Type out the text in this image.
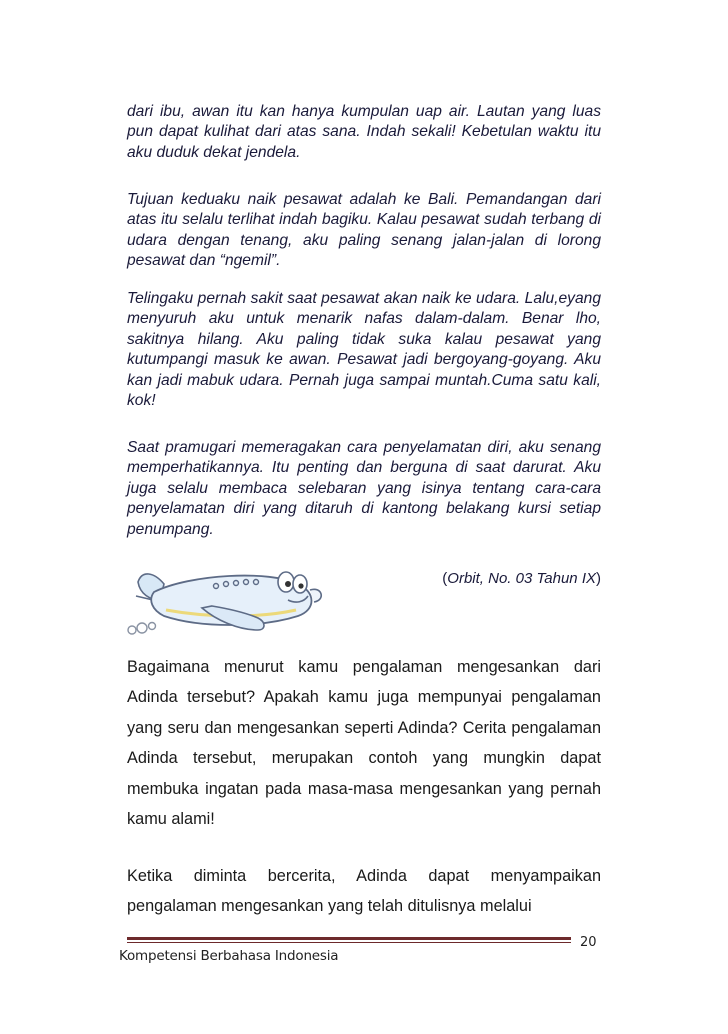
dari ibu, awan itu kan hanya kumpulan uap air. Lautan yang luas pun dapat kulihat dari atas sana. Indah sekali! Kebetulan waktu itu aku duduk dekat jendela.

Tujuan keduaku naik pesawat adalah ke Bali. Pemandangan dari atas itu selalu terlihat indah bagiku. Kalau pesawat sudah terbang di udara dengan tenang, aku paling senang jalan-jalan di lorong pesawat dan “ngemil”.

Telingaku pernah sakit saat pesawat akan naik ke udara. Lalu,eyang menyuruh aku untuk menarik nafas dalam-dalam. Benar lho, sakitnya hilang. Aku paling tidak suka kalau pesawat yang kutumpangi masuk ke awan. Pesawat jadi bergoyang-goyang. Aku kan jadi mabuk udara. Pernah juga sampai muntah.Cuma satu kali, kok!

Saat pramugari memeragakan cara penyelamatan diri, aku senang memperhatikannya. Itu penting dan berguna di saat darurat. Aku juga selalu membaca selebaran yang isinya tentang cara-cara penyelamatan diri yang ditaruh di kantong belakang kursi setiap penumpang.

(Orbit, No. 03 Tahun IX)

Bagaimana menurut kamu pengalaman mengesankan dari Adinda tersebut? Apakah kamu juga mempunyai pengalaman yang seru dan mengesankan seperti Adinda? Cerita pengalaman Adinda tersebut, merupakan contoh yang mungkin dapat membuka ingatan pada masa-masa mengesankan yang pernah kamu alami!

Ketika diminta bercerita, Adinda dapat menyampaikan pengalaman mengesankan yang telah ditulisnya melalui

Kompetensi Berbahasa Indonesia
20
